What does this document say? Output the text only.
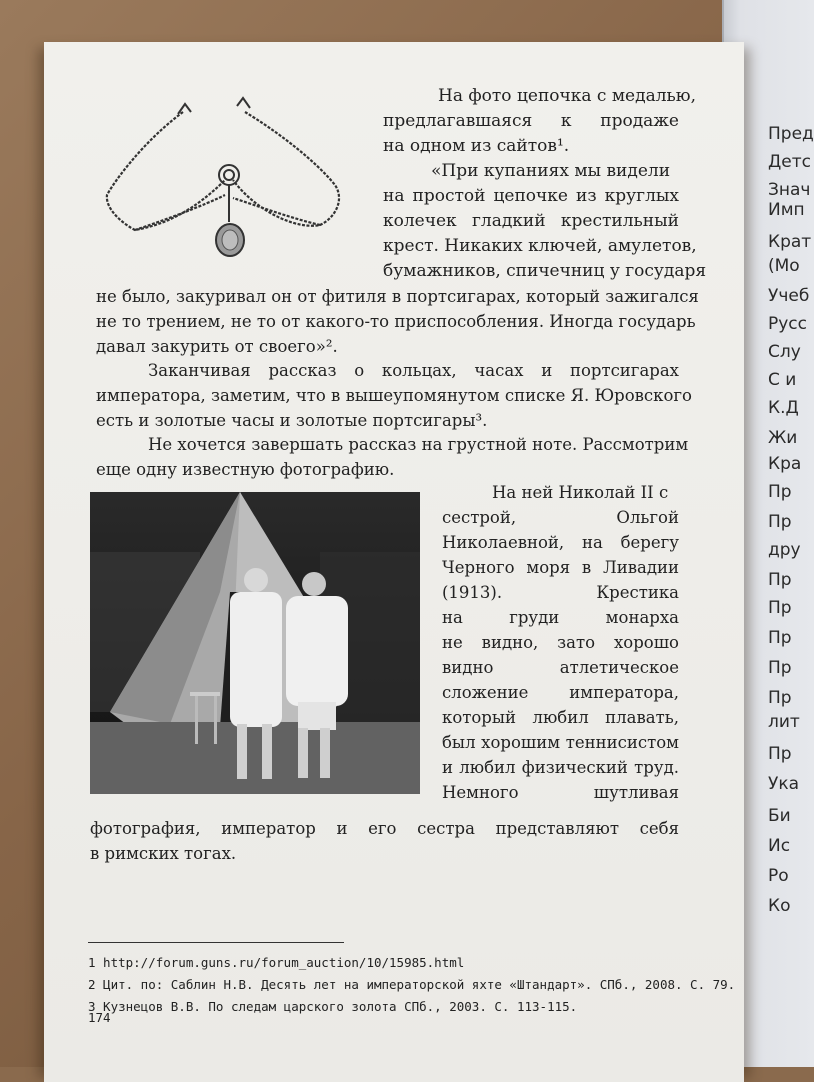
Пред
Детс
Знач
Имп
Крат
(Мо
Учеб
Русс
Слу
С и
К.Д
Жи
Кра
Пр
Пр
дру
Пр
Пр
Пр
Пр
Пр
лит
Пр
Ука
Би
Ис
Ро
Ко
На фото цепочка с медалью,
предлагавшаяся к продаже
на одном из сайтов¹.
«При купаниях мы видели
на простой цепочке из круглых
колечек гладкий крестильный
крест. Никаких ключей, амулетов,
бумажников, спичечниц у государя
не было, закуривал он от фитиля в портсигарах, который зажигался
не то трением, не то от какого-то приспособления. Иногда государь
давал закурить от своего»².
Заканчивая рассказ о кольцах, часах и портсигарах
императора, заметим, что в вышеупомянутом списке Я. Юровского
есть и золотые часы и золотые портсигары³.
Не хочется завершать рассказ на грустной ноте. Рассмотрим
еще одну известную фотографию.
На ней Николай II с
сестрой, Ольгой
Николаевной, на берегу
Черного моря в Ливадии
(1913). Крестика
на груди монарха
не видно, зато хорошо
видно атлетическое
сложение императора,
который любил плавать,
был хорошим теннисистом
и любил физический труд.
Немного шутливая
фотография, император и его сестра представляют себя
в римских тогах.
1 http://forum.guns.ru/forum_auction/10/15985.html
2 Цит. по: Саблин Н.В. Десять лет на императорской яхте «Штандарт». СПб., 2008. С. 79.
3 Кузнецов В.В. По следам царского золота СПб., 2003. С. 113-115.
174
